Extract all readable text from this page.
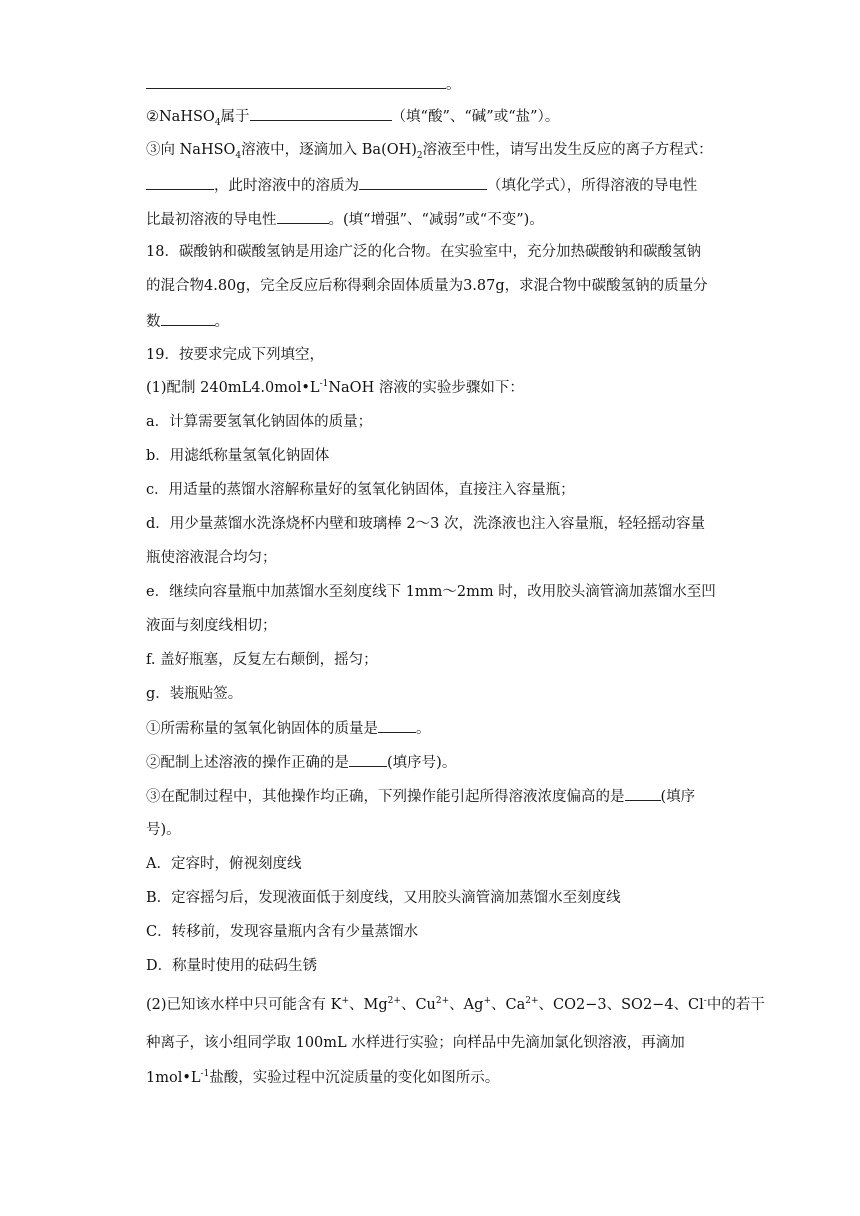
。
②NaHSO$_4$属于	（填“酸”、“碱”或“盐”）。
③向 NaHSO$_4$溶液中，逐滴加入 $Ba(OH)_2$溶液至中性，请写出发生反应的离子方程式：
，此时溶液中的溶质为	（填化学式），所得溶液的导电性
比最初溶液的导电性	。(填“增强”、“减弱”或“不变”)。
18．碳酸钠和碳酸氢钠是用途广泛的化合物。在实验室中，充分加热碳酸钠和碳酸氢钠
的混合物4.80g，完全反应后称得剩余固体质量为3.87g，求混合物中碳酸氢钠的质量分
数	。
19．按要求完成下列填空，
(1)配制 $240mL4.0mol•L^{-1}NaOH$ 溶液的实验步骤如下：
a．计算需要氢氧化钠固体的质量；
b．用滤纸称量氢氧化钠固体
c．用适量的蒸馏水溶解称量好的氢氧化钠固体，直接注入容量瓶；
d．用少量蒸馏水洗涤烧杯内壁和玻璃棒 2～3 次，洗涤液也注入容量瓶，轻轻摇动容量
瓶使溶液混合均匀；
e．继续向容量瓶中加蒸馏水至刻度线下 1mm～2mm 时，改用胶头滴管滴加蒸馏水至凹
液面与刻度线相切；
f. 盖好瓶塞，反复左右颠倒，摇匀；
g．装瓶贴签。
①所需称量的氢氧化钠固体的质量是	。
②配制上述溶液的操作正确的是	(填序号)。
③在配制过程中，其他操作均正确，下列操作能引起所得溶液浓度偏高的是 (填序
号)。
A．定容时，俯视刻度线
B．定容摇匀后，发现液面低于刻度线，又用胶头滴管滴加蒸馏水至刻度线
C．转移前，发现容量瓶内含有少量蒸馏水
D．称量时使用的砝码生锈
(2)已知该水样中只可能含有 K+、$Mg^{2+}$、$Cu^{2+}$、Ag+、$Ca^{2+}$、CO2−3、SO2−4、Cl-中的若干
种离子，该小组同学取 100mL 水样进行实验；向样品中先滴加氯化钡溶液，再滴加
$1mol•L^{-1}$盐酸，实验过程中沉淀质量的变化如图所示。
